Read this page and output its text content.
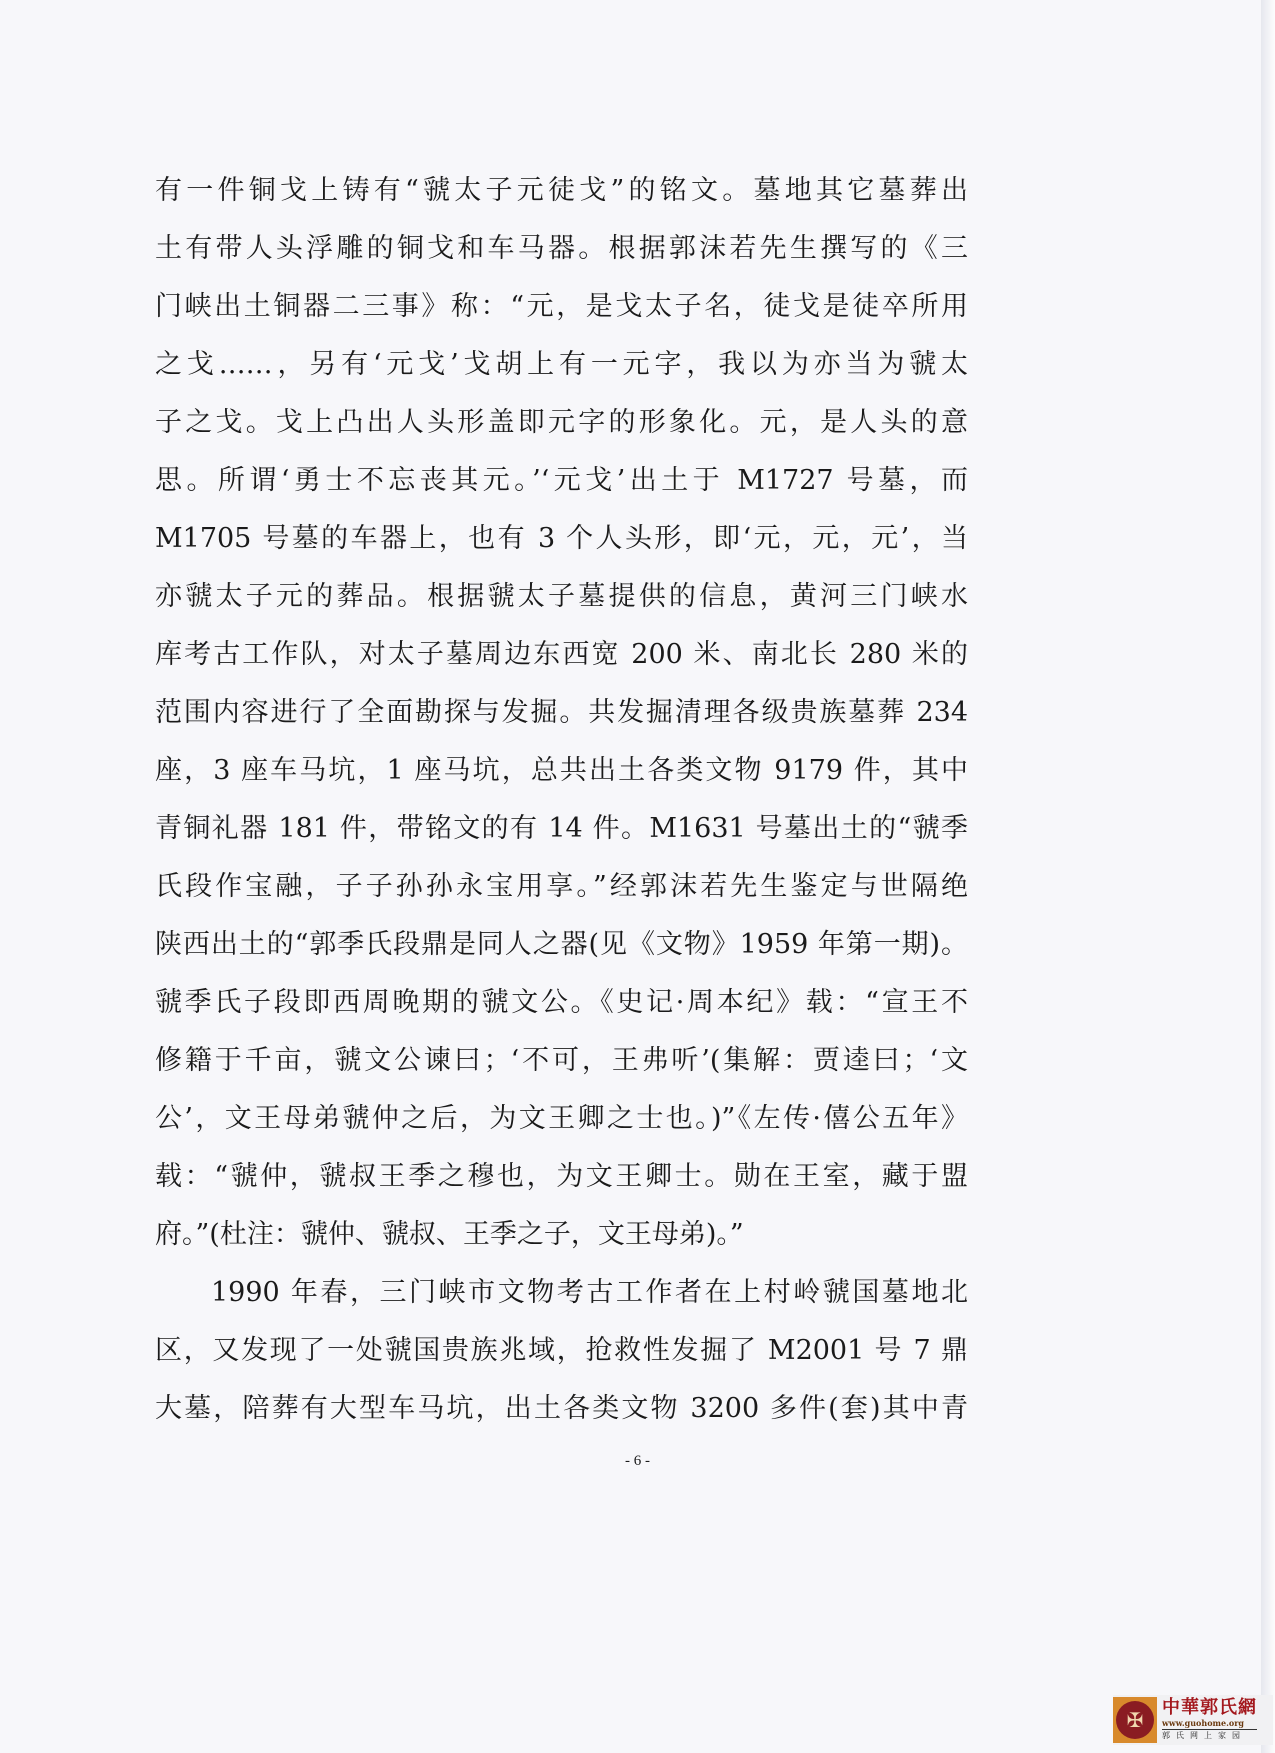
有一件铜戈上铸有“虢太子元徒戈”的铭文。墓地其它墓葬出
土有带人头浮雕的铜戈和车马器。根据郭沫若先生撰写的《三
门峡出土铜器二三事》称：“元，是戈太子名，徒戈是徒卒所用
之戈……，另有‘元戈’戈胡上有一元字，我以为亦当为虢太
子之戈。戈上凸出人头形盖即元字的形象化。元，是人头的意
思。所谓‘勇士不忘丧其元。’‘元戈’出土于 M1727 号墓，而
M1705 号墓的车器上，也有 3 个人头形，即‘元，元，元’，当
亦虢太子元的葬品。根据虢太子墓提供的信息，黄河三门峡水
库考古工作队，对太子墓周边东西宽 200 米、南北长 280 米的
范围内容进行了全面勘探与发掘。共发掘清理各级贵族墓葬 234
座，3 座车马坑，1 座马坑，总共出土各类文物 9179 件，其中
青铜礼器 181 件，带铭文的有 14 件。M1631 号墓出土的“虢季
氏段作宝融，子子孙孙永宝用享。”经郭沫若先生鉴定与世隔绝
陕西出土的“郭季氏段鼎是同人之器(见《文物》1959 年第一期)。
虢季氏子段即西周晚期的虢文公。《史记·周本纪》载：“宣王不
修籍于千亩，虢文公谏曰；‘不可，王弗听’(集解：贾逵曰；‘文
公’，文王母弟虢仲之后，为文王卿之士也。)”《左传·僖公五年》
载：“虢仲，虢叔王季之穆也，为文王卿士。勋在王室，藏于盟
府。”(杜注：虢仲、虢叔、王季之子，文王母弟)。”
1990 年春，三门峡市文物考古工作者在上村岭虢国墓地北
区，又发现了一处虢国贵族兆域，抢救性发掘了 M2001 号 7 鼎
大墓，陪葬有大型车马坑，出土各类文物 3200 多件(套)其中青
- 6 -
✠
中華郭氏網
www.guohome.org
郭氏网上家园
